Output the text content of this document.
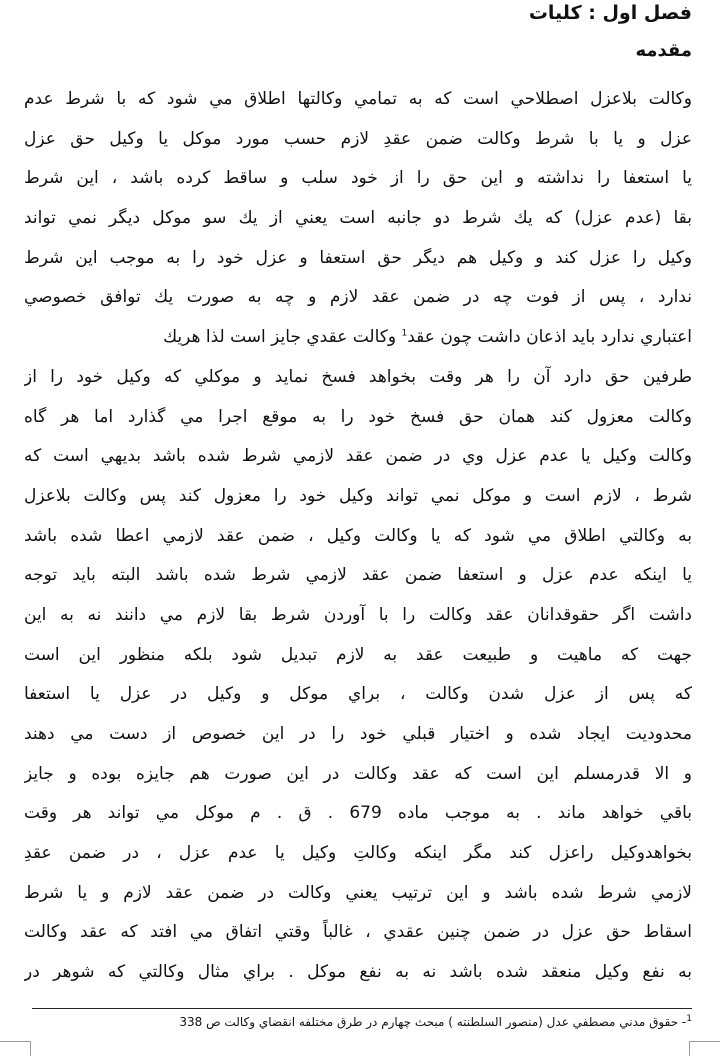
فصل اول : كليات
مقدمه
وكالت بلاعزل اصطلاحي است كه به تمامي وكالتها اطلاق مي شود كه با شرط عدم
عزل و يا با شرط وكالت ضمن عقدِ لازم حسب مورد موكل يا وكيل حق عزل
يا استعفا را نداشته و اين حق را از خود سلب و ساقط كرده باشد ، اين شرط
بقا (عدم عزل) كه يك شرط دو جانبه است يعني از يك سو موكل ديگر نمي تواند
وكيل را عزل كند و وكيل هم ديگر حق استعفا و عزل خود را به موجب اين شرط
ندارد ، پس از فوت چه در ضمن عقد لازم و چه به صورت يك توافق خصوصي
اعتباري ندارد بايد اذعان داشت چون عقد$^1$ وكالت عقدي جايز است لذا هريك
طرفين حق دارد آن را هر وقت بخواهد فسخ نمايد و موكلي كه وكيل خود را از
وكالت معزول كند همان حق فسخ خود را به موقع اجرا مي گذارد اما هر گاه
وكالت وكيل يا عدم عزل وي در ضمن عقد لازمي شرط شده باشد بديهي است كه
شرط ، لازم است و موكل نمي تواند وكيل خود را معزول كند پس وكالت بلاعزل
به وكالتي اطلاق مي شود كه يا وكالت وكيل ، ضمن عقد لازمي اعطا شده باشد
يا اينكه عدم عزل و استعفا ضمن عقد لازمي شرط شده باشد البته بايد توجه
داشت اگر حقوقدانان عقد وكالت را با آوردن شرط بقا لازم مي دانند نه به اين
جهت كه ماهيت و طبيعت عقد به لازم تبديل شود بلكه منظور اين است
كه پس از عزل شدن وكالت ، براي موكل و وكيل در عزل يا استعفا
محدوديت ايجاد شده و اختيار قبلي خود را در اين خصوص از دست مي دهند
و الا قدرمسلم اين است كه عقد وكالت در اين صورت هم جايزه بوده و جايز
باقي خواهد ماند . به موجب ماده 679 . ق . م موكل مي تواند هر وقت
بخواهدوكيل راعزل كند مگر اينكه وكالتِ وكيل يا عدم عزل ، در ضمن عقدِ
لازمي شرط شده باشد و اين ترتيب يعني وكالت در ضمن عقد لازم و يا شرط
اسقاط حق عزل در ضمن چنين عقدي ، غالباً وقتي اتفاق مي افتد كه عقد وكالت
به نفع وكيل منعقد شده باشد نه به نفع موكل . براي مثال وكالتي كه شوهر در
$^1$- حقوق مدني مصطفي عدل (منصور السلطنته ) مبحث چهارم در طرق مختلفه انقضاي وكالت ص 338
